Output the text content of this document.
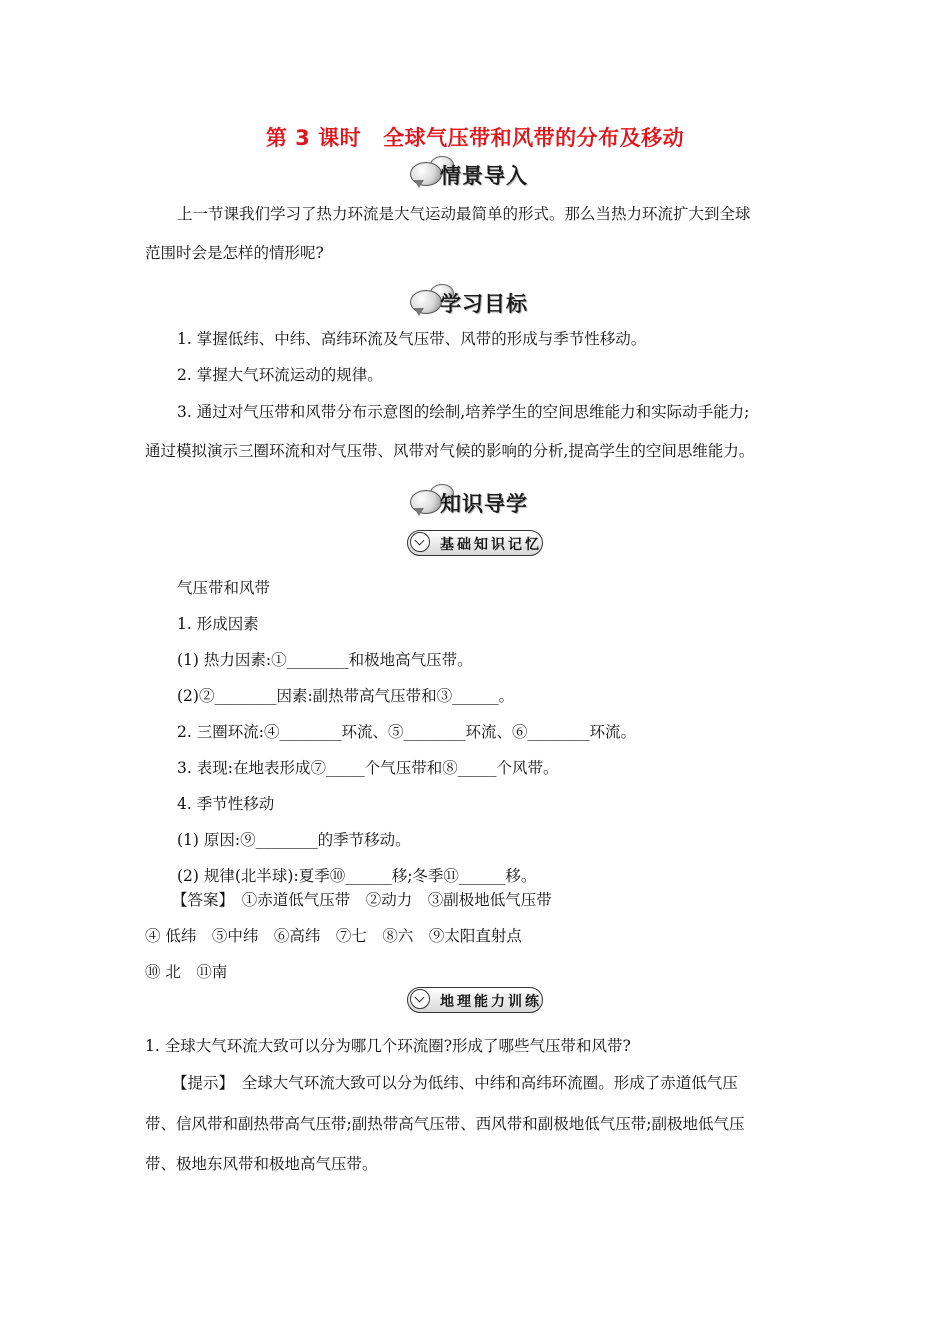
第 3 课时 全球气压带和风带的分布及移动
情景导入
上一节课我们学习了热力环流是大气运动最简单的形式。那么当热力环流扩大到全球
范围时会是怎样的情形呢?
学习目标
1. 掌握低纬、中纬、高纬环流及气压带、风带的形成与季节性移动。
2. 掌握大气环流运动的规律。
3. 通过对气压带和风带分布示意图的绘制,培养学生的空间思维能力和实际动手能力;
通过模拟演示三圈环流和对气压带、风带对气候的影响的分析,提高学生的空间思维能力。
知识导学
基础知识记忆
气压带和风带
1. 形成因素
(1) 热力因素:①________和极地高气压带。
(2)②________因素:副热带高气压带和③______。
2. 三圈环流:④________环流、⑤________环流、⑥________环流。
3. 表现:在地表形成⑦_____个气压带和⑧_____个风带。
4. 季节性移动
(1) 原因:⑨________的季节移动。
(2) 规律(北半球):夏季⑩______移;冬季⑪______移。
【答案】　①赤道低气压带　②动力　③副极地低气压带
④ 低纬　⑤中纬　⑥高纬　⑦七　⑧六　⑨太阳直射点
⑩ 北　⑪南
地理能力训练
1. 全球大气环流大致可以分为哪几个环流圈?形成了哪些气压带和风带?
【提示】　全球大气环流大致可以分为低纬、中纬和高纬环流圈。形成了赤道低气压
带、信风带和副热带高气压带;副热带高气压带、西风带和副极地低气压带;副极地低气压
带、极地东风带和极地高气压带。
